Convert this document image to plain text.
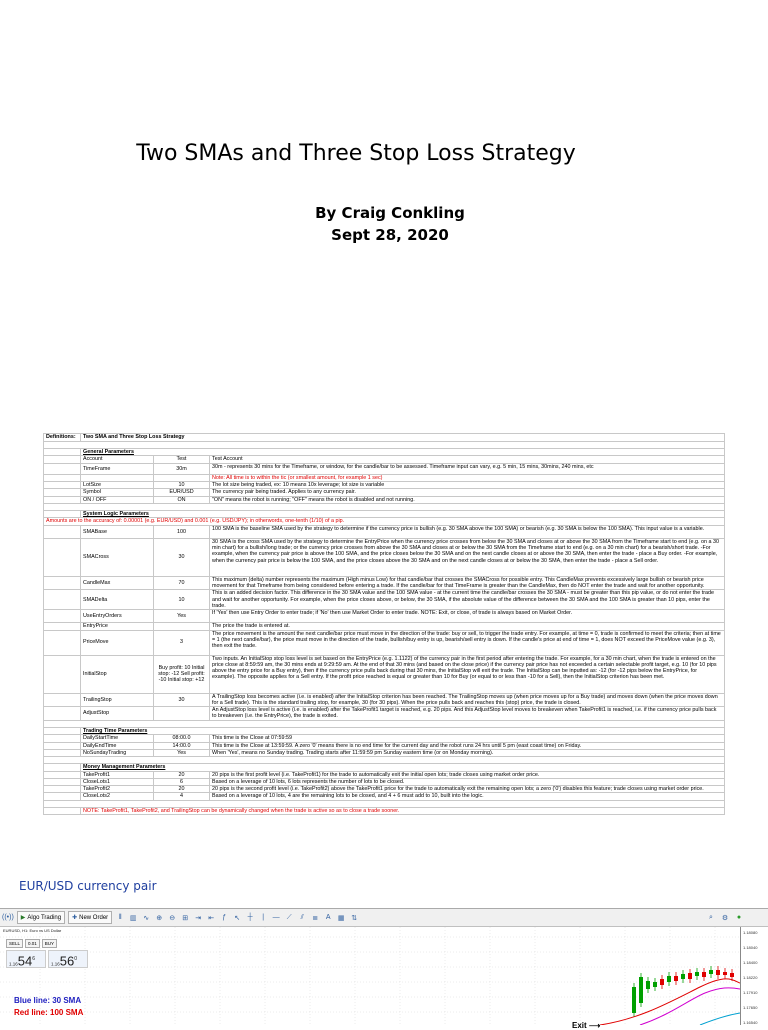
Two SMAs and Three Stop Loss Strategy
By Craig Conkling
Sept 28, 2020
Definitions:	Two SMA and Three Stop Loss Strategy		

	General Parameters		
	Account	Test	Test Account
	TimeFrame	30m	30m - represents 30 mins for the Timeframe, or window, for the candle/bar to be assessed. Timeframe input can vary, e.g. 5 min, 15 mins, 30mins, 240 mins, etc
			Note: All time is to within the tic (or smallest amount, for example 1 sec)
	LotSize	10	The lot size being traded, ex: 10 means 10x leverage; lot size is variable
	Symbol	EUR/USD	The currency pair being traded. Applies to any currency pair.
	ON / OFF	ON	"ON" means the robot is running; "OFF" means the robot is disabled and not running.

	System Logic Parameters		
Amounts are to the accuracy of: 0.00001 (e.g. EUR/USD) and 0.001 (e.g. USD/JPY); in otherwords, one-tenth (1/10) of a pip.			
	SMABase	100	100 SMA is the baseline SMA used by the strategy to determine if the currency price is bullish (e.g. 30 SMA above the 100 SMA) or bearish (e.g. 30 SMA is below the 100 SMA). This input value is a variable.
	SMACross	30	30 SMA is the cross SMA used by the strategy to determine the EntryPrice when the currency price crosses from below the 30 SMA and closes at or above the 30 SMA from the Timeframe start to end (e.g. on a 30 min chart) for a bullish/long trade; or the currency price crosses from above the 30 SMA and closes at or below the 30 SMA from the Timeframe start to end (e.g. on a 30 min chart) for a bearish/short trade. -For example, when the currency pair price is above the 100 SMA, and the price closes below the 30 SMA and on the next candle closes at or above the 30 SMA, then enter the trade - place a Buy order. -For example, when the currency pair price is below the 100 SMA, and the price closes above the 30 SMA and on the next candle closes at or below the 30 SMA, then enter the trade - place a Sell order.
	CandleMax	70	This maximum (delta) number represents the maximum (High minus Low) for that candle/bar that crosses the SMACross for possible entry. This CandleMax prevents excessively large bullish or bearish price movement for that Timeframe from being considered before entering a trade. If the candle/bar for that TimeFrame is greater than the CandleMax, then do NOT enter the trade and wait for another opportunity.
	SMADelta	10	This is an added decision factor. This difference in the 30 SMA value and the 100 SMA value - at the current time the candle/bar crosses the 30 SMA - must be greater than this pip value, or do not enter the trade and wait for another opportunity. For example, when the price closes above, or below, the 30 SMA, if the absolute value of the difference between the 30 SMA and the 100 SMA is greater than 10 pips, enter the trade.
	UseEntryOrders	Yes	If 'Yes' then use Entry Order to enter trade; if 'No' then use Market Order to enter trade. NOTE: Exit, or close, of trade is always based on Market Order.
	EntryPrice		The price the trade is entered at.
	PriceMove	3	The price movement is the amount the next candle/bar price must move in the direction of the trade: buy or sell, to trigger the trade entry. For example, at time = 0, trade is confirmed to meet the criteria; then at time = 1 (the next candle/bar), the price must move in the direction of the trade, bullish/buy entry is up, bearish/sell entry is down. If the candle's price at end of time = 1, does NOT exceed the PriceMove value (e.g. 3), then exit the trade.
	InitialStop	Buy profit: 10 Initial stop: -12 Sell profit: -10 Initial stop: +12	Two inputs. An InitialStop stop loss level is set based on the EntryPrice (e.g. 1.1122) of the currency pair in the first period after entering the trade. For example, for a 30 min chart, when the trade is entered on the price close at 8:59:59 am, the 30 mins ends at 9:29:59 am. At the end of that 30 mins (and based on the close price) if the currency pair price has not exceeded a certain selectable profit target, e.g. 10 (for 10 pips above the entry price for a Buy entry), then if the currency price pulls back during that 30 mins, the InitialStop will exit the trade. The InitialStop can be inputted as: -12 (for -12 pips below the EntryPrice, for example). The opposite applies for a Sell entry. If the profit price reached is equal or greater than 10 for Buy (or equal to or less than -10 for a Sell), then the InitialStop criterion has been met.
	TrailingStop	30	A TrailingStop loss becomes active (i.e. is enabled) after the InitialStop criterion has been reached. The TrailingStop moves up (when price moves up for a Buy trade) and moves down (when the price moves down for a Sell trade). This is the standard trailing stop, for example, 30 (for 30 pips). When the price pulls back and reaches this (stop) price, the trade is closed.
	AdjustStop		An AdjustStop loss level is active (i.e. is enabled) after the TakeProfit1 target is reached, e.g. 20 pips. And this AdjustStop level moves to breakeven when TakeProfit1 is reached, i.e. if the currency price pulls back to breakeven (i.e. the EntryPrice), the trade is exited.

	Trading Time Parameters		
	DailyStartTime	08:00.0	This time is the Close at 07:59:59
	DailyEndTime	14:00.0	This time is the Close at 13:59:59. A zero '0' means there is no end time for the current day and the robot runs 24 hrs until 5 pm (east coast time) on Friday.
	NoSundayTrading	Yes	When 'Yes', means no Sunday trading. Trading starts after 11:59:59 pm Sunday eastern time (or on Monday morning).

	Money Management Parameters		
	TakeProfit1	20	20 pips is the first profit level (i.e. TakeProfit1) for the trade to automatically exit the initial open lots; trade closes using market order price.
	CloseLots1	6	Based on a leverage of 10 lots, 6 lots represents the number of lots to be closed.
	TakeProfit2	20	20 pips is the second profit level (i.e. TakeProfit2) above the TakeProfit1 price for the trade to automatically exit the remaining open lots; a zero ('0') disables this feature; trade closes using market order price.
	CloseLots2	4	Based on a leverage of 10 lots, 4 are the remaining lots to be closed, and 4 + 6 must add to 10, built into the logic.

	NOTE: TakeProfit1, TakeProfit2, and TrailingStop can be dynamically changed when the trade is active so as to close a trade sooner.		
EUR/USD currency pair
((•)) ▶ Algo Trading ✚ New Order	⫴	▥ ∿ ⊕ ⊖ ⊞ ⇥ ⇤	ƒ	↖	┼	|	—	⟋	⫽	≣	A	▦ ⇅	⌕	⚙	●
EURUSD, H1: Euro vs US Dollar
SELL	0.01	BUY
1.1654$^6$
1.1656$^0$
Blue line: 30 SMA
Red line: 100 SMA
Exit ⟶
1.18080
1.18040
1.18400
1.18220
1.17910
1.17650
1.16540
